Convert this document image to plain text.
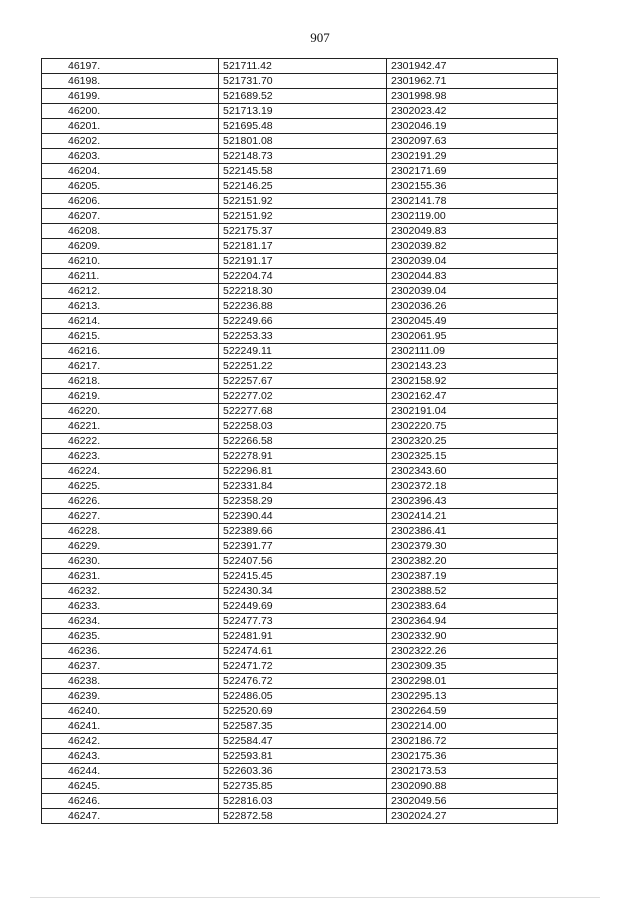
907
46197.	521711.42	2301942.47
46198.	521731.70	2301962.71
46199.	521689.52	2301998.98
46200.	521713.19	2302023.42
46201.	521695.48	2302046.19
46202.	521801.08	2302097.63
46203.	522148.73	2302191.29
46204.	522145.58	2302171.69
46205.	522146.25	2302155.36
46206.	522151.92	2302141.78
46207.	522151.92	2302119.00
46208.	522175.37	2302049.83
46209.	522181.17	2302039.82
46210.	522191.17	2302039.04
46211.	522204.74	2302044.83
46212.	522218.30	2302039.04
46213.	522236.88	2302036.26
46214.	522249.66	2302045.49
46215.	522253.33	2302061.95
46216.	522249.11	2302111.09
46217.	522251.22	2302143.23
46218.	522257.67	2302158.92
46219.	522277.02	2302162.47
46220.	522277.68	2302191.04
46221.	522258.03	2302220.75
46222.	522266.58	2302320.25
46223.	522278.91	2302325.15
46224.	522296.81	2302343.60
46225.	522331.84	2302372.18
46226.	522358.29	2302396.43
46227.	522390.44	2302414.21
46228.	522389.66	2302386.41
46229.	522391.77	2302379.30
46230.	522407.56	2302382.20
46231.	522415.45	2302387.19
46232.	522430.34	2302388.52
46233.	522449.69	2302383.64
46234.	522477.73	2302364.94
46235.	522481.91	2302332.90
46236.	522474.61	2302322.26
46237.	522471.72	2302309.35
46238.	522476.72	2302298.01
46239.	522486.05	2302295.13
46240.	522520.69	2302264.59
46241.	522587.35	2302214.00
46242.	522584.47	2302186.72
46243.	522593.81	2302175.36
46244.	522603.36	2302173.53
46245.	522735.85	2302090.88
46246.	522816.03	2302049.56
46247.	522872.58	2302024.27
